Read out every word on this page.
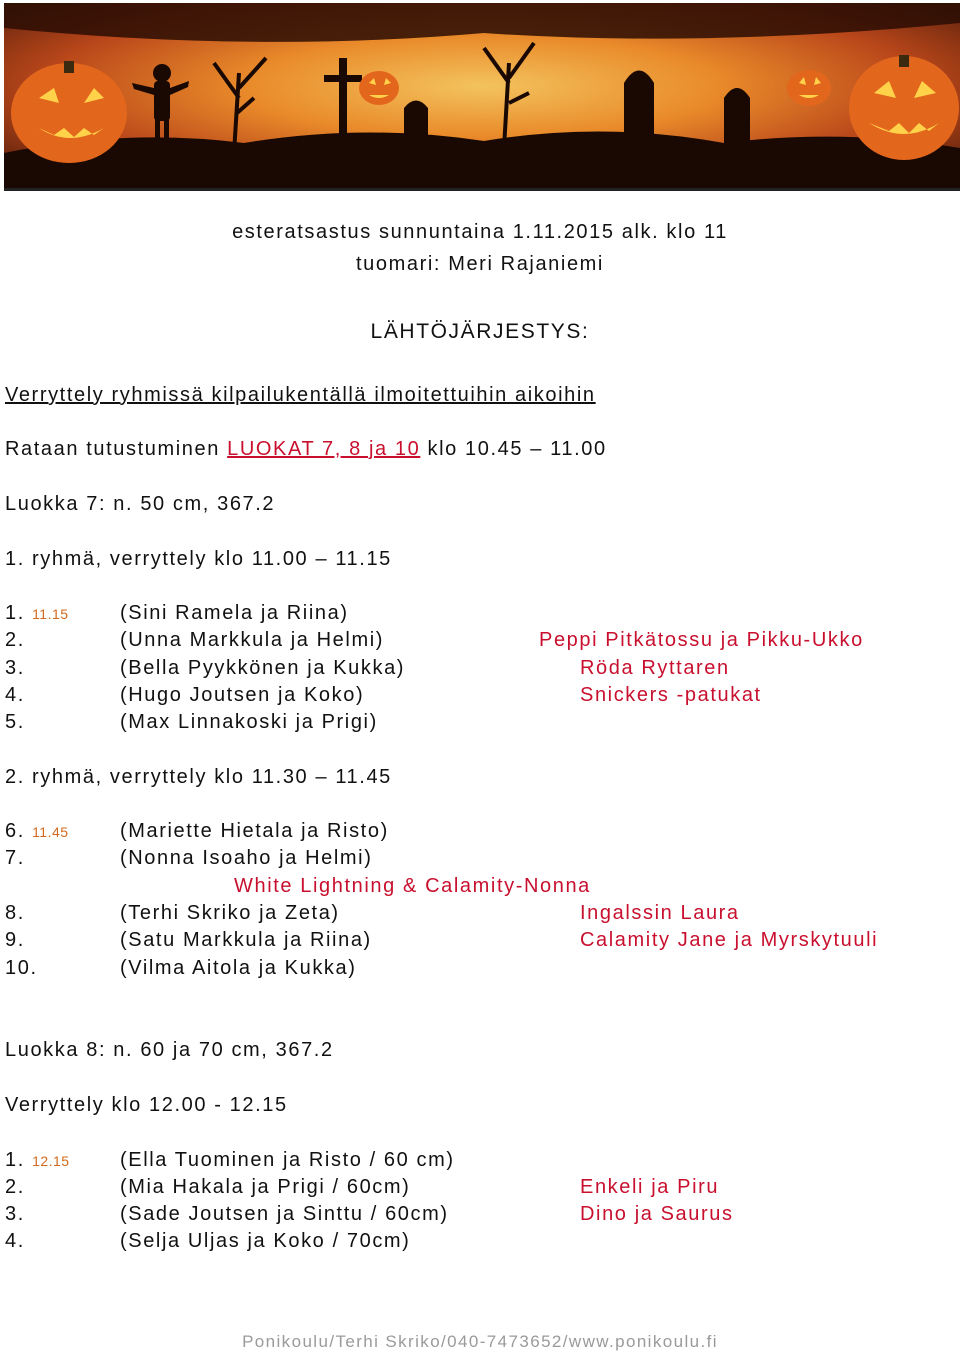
esteratsastus sunnuntaina 1.11.2015 alk. klo 11
tuomari: Meri Rajaniemi
LÄHTÖJÄRJESTYS:
Verryttely ryhmissä kilpailukentällä ilmoitettuihin aikoihin
Rataan tutustuminen LUOKAT 7, 8 ja 10 klo 10.45 – 11.00
Luokka 7: n. 50 cm, 367.2
1. ryhmä, verryttely klo 11.00 – 11.15
1. 11.15	(Sini Ramela ja Riina)
2.	(Unna Markkula ja Helmi)	Peppi Pitkätossu ja Pikku-Ukko
3.	(Bella Pyykkönen ja Kukka)	Röda Ryttaren
4.	(Hugo Joutsen ja Koko)	Snickers -patukat
5.	(Max Linnakoski ja Prigi)
2. ryhmä, verryttely klo 11.30 – 11.45
6. 11.45	(Mariette Hietala ja Risto)
7.	(Nonna Isoaho ja Helmi)
White Lightning & Calamity-Nonna
8.	(Terhi Skriko ja Zeta)	Ingalssin Laura
9.	(Satu Markkula ja Riina)	Calamity Jane ja Myrskytuuli
10.	(Vilma Aitola ja Kukka)
Luokka 8: n. 60 ja 70 cm, 367.2
Verryttely klo 12.00 - 12.15
1. 12.15	(Ella Tuominen ja Risto / 60 cm)
2.	(Mia Hakala ja Prigi / 60cm)	Enkeli ja Piru
3.	(Sade Joutsen ja Sinttu / 60cm)	Dino ja Saurus
4.	(Selja Uljas ja Koko / 70cm)
Ponikoulu/Terhi Skriko/040-7473652/www.ponikoulu.fi
